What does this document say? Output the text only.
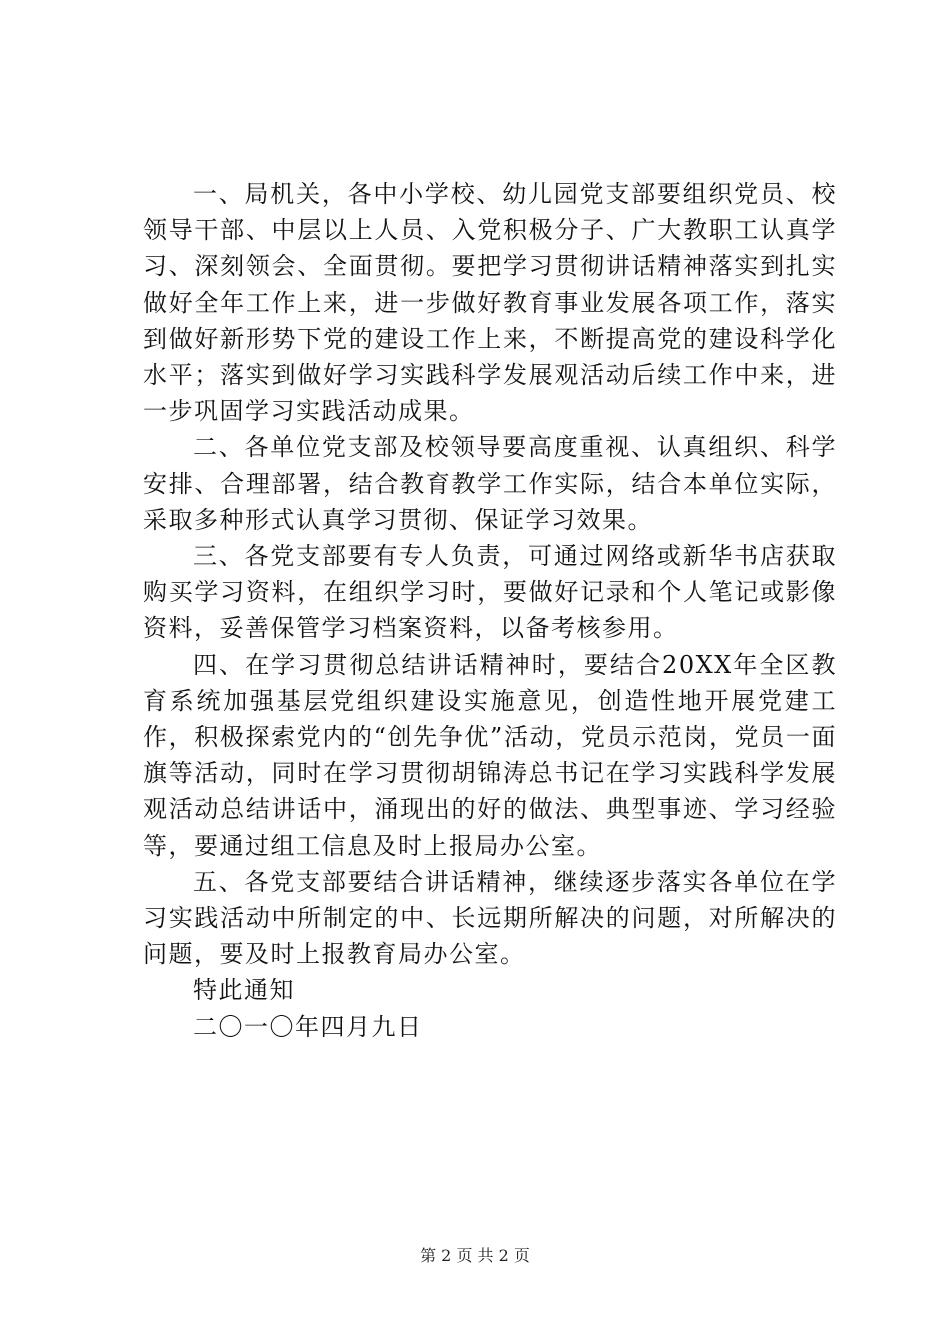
一、局机关，各中小学校、幼儿园党支部要组织党员、校领导干部、中层以上人员、入党积极分子、广大教职工认真学习、深刻领会、全面贯彻。要把学习贯彻讲话精神落实到扎实做好全年工作上来，进一步做好教育事业发展各项工作，落实到做好新形势下党的建设工作上来，不断提高党的建设科学化水平；落实到做好学习实践科学发展观活动后续工作中来，进一步巩固学习实践活动成果。

二、各单位党支部及校领导要高度重视、认真组织、科学安排、合理部署，结合教育教学工作实际，结合本单位实际，采取多种形式认真学习贯彻、保证学习效果。

三、各党支部要有专人负责，可通过网络或新华书店获取购买学习资料，在组织学习时，要做好记录和个人笔记或影像资料，妥善保管学习档案资料，以备考核参用。

四、在学习贯彻总结讲话精神时，要结合20XX年全区教育系统加强基层党组织建设实施意见，创造性地开展党建工作，积极探索党内的“创先争优”活动，党员示范岗，党员一面旗等活动，同时在学习贯彻胡锦涛总书记在学习实践科学发展观活动总结讲话中，涌现出的好的做法、典型事迹、学习经验等，要通过组工信息及时上报局办公室。

五、各党支部要结合讲话精神，继续逐步落实各单位在学习实践活动中所制定的中、长远期所解决的问题，对所解决的问题，要及时上报教育局办公室。

特此通知

二〇一〇年四月九日

第 2 页 共 2 页
